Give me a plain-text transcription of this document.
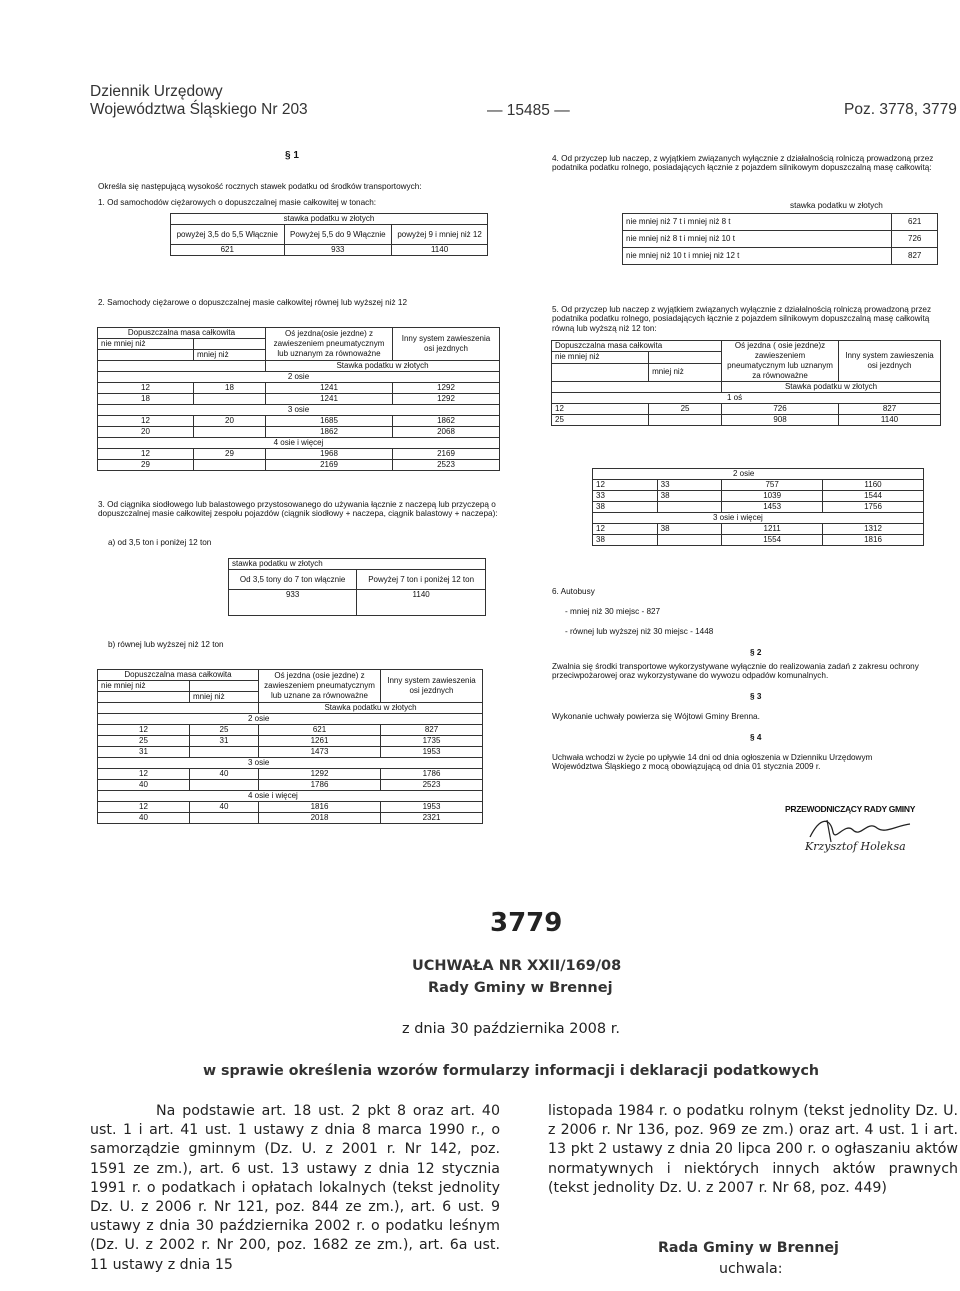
Dziennik Urzędowy
Województwa Śląskiego Nr 203	— 15485 —	Poz. 3778, 3779
§ 1
Określa się następującą wysokość rocznych stawek podatku od środków transportowych:
1. Od samochodów ciężarowych o dopuszczalnej masie całkowitej w tonach:
stawka podatku w złotych		
powyżej 3,5 do 5,5 Włącznie	Powyżej 5,5 do 9 Włącznie	powyżej 9 i mniej niż 12
621	933	1140
2. Samochody ciężarowe o dopuszczalnej masie całkowitej równej lub wyższej niż 12
Dopuszczalna masa całkowita		Oś jezdna(osie jezdne) z zawieszeniem pneumatycznym lub uznanym za równoważne	Inny system zawieszenia osi jezdnych
nie mniej niż			
	mniej niż		
		Stawka podatku w złotych	
2 osie			
12	18	1241	1292
18		1241	1292
3 osie			
12	20	1685	1862
20		1862	2068
4 osie i więcej			
12	29	1968	2169
29		2169	2523
3. Od ciągnika siodłowego lub balastowego przystosowanego do używania łącznie z naczepą lub przyczepą o dopuszczalnej masie całkowitej zespołu pojazdów (ciągnik siodłowy + naczepa, ciągnik balastowy + naczepa):
a) od 3,5 ton i poniżej 12 ton
stawka podatku w złotych	
Od 3,5 tony do 7 ton włącznie	Powyżej 7 ton i poniżej 12 ton
933	1140
b) równej lub wyższej niż 12 ton
Dopuszczalna masa całkowita		Oś jezdna (osie jezdne) z zawieszeniem pneumatycznym lub uznane za równoważne	Inny system zawieszenia osi jezdnych
nie mniej niż			
	mniej niż		
		Stawka podatku w złotych	
2 osie			
12	25	621	827
25	31	1261	1735
31		1473	1953
3 osie			
12	40	1292	1786
40		1786	2523
4 osie i więcej			
12	40	1816	1953
40		2018	2321
4. Od przyczep lub naczep, z wyjątkiem związanych wyłącznie z działalnością rolniczą prowadzoną przez podatnika podatku rolnego, posiadających łącznie z pojazdem silnikowym dopuszczalną masę całkowitą:
stawka podatku w złotych
nie mniej niż 7 t i mniej niż 8 t	621
nie mniej niż 8 t i mniej niż 10 t	726
nie mniej niż 10 t i mniej niż 12 t	827
5. Od przyczep lub naczep z wyjątkiem związanych wyłącznie z działalnością rolniczą prowadzoną przez podatnika podatku rolnego, posiadających łącznie z pojazdem silnikowym dopuszczalną masę całkowitą równą lub wyższą niż 12 ton:
Dopuszczalna masa całkowita		Oś jezdna ( osie jezdne)z zawieszeniem pneumatycznym lub uznanym za równoważne	Inny system zawieszenia osi jezdnych
nie mniej niż			
	mniej niż		
		Stawka podatku w złotych	
1 oś			
12	25	726	827
25		908	1140
2 osie			
12	33	757	1160
33	38	1039	1544
38		1453	1756
3 osie i więcej			
12	38	1211	1312
38		1554	1816
6. Autobusy
- mniej niż 30 miejsc - 827
- równej lub wyższej niż 30 miejsc - 1448
§ 2
Zwalnia się środki transportowe wykorzystywane wyłącznie do realizowania zadań z zakresu ochrony przeciwpożarowej oraz wykorzystywane do wywozu odpadów komunalnych.
§ 3
Wykonanie uchwały powierza się Wójtowi Gminy Brenna.
§ 4
Uchwała wchodzi w życie po upływie 14 dni od dnia ogłoszenia w Dzienniku Urzędowym Województwa Śląskiego z mocą obowiązującą od dnia 01 stycznia 2009 r.
PRZEWODNICZĄCY RADY GMINY
Krzysztof Holeksa
3779
UCHWAŁA NR XXII/169/08
Rady Gminy w Brennej
z dnia 30 października 2008 r.
w sprawie określenia wzorów formularzy informacji i deklaracji podatkowych
Na podstawie art. 18 ust. 2 pkt 8 oraz art. 40 ust. 1 i art. 41 ust. 1 ustawy z dnia 8 marca 1990 r., o samorządzie gminnym (Dz. U. z 2001 r. Nr 142, poz. 1591 ze zm.), art. 6 ust. 13 ustawy z dnia 12 stycznia 1991 r. o podatkach i opłatach lokalnych (tekst jednolity Dz. U. z 2006 r. Nr 121, poz. 844 ze zm.), art. 6 ust. 9 ustawy z dnia 30 października 2002 r. o podatku leśnym (Dz. U. z 2002 r. Nr 200, poz. 1682 ze zm.), art. 6a ust. 11 ustawy z dnia 15
listopada 1984 r. o podatku rolnym (tekst jednolity Dz. U. z 2006 r. Nr 136, poz. 969 ze zm.) oraz art. 4 ust. 1 i art. 13 pkt 2 ustawy z dnia 20 lipca 200 r. o ogłaszaniu aktów normatywnych i niektórych innych aktów prawnych (tekst jednolity Dz. U. z 2007 r. Nr 68, poz. 449)
Rada Gminy w Brennej
uchwala:
